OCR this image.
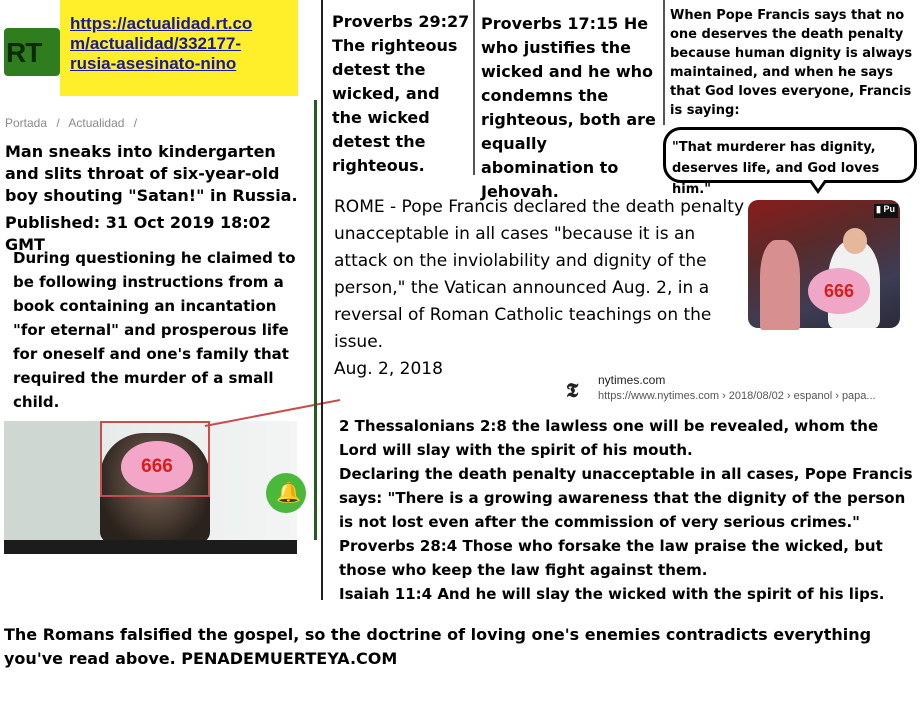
RT
https://actualidad.rt.co
m/actualidad/332177-
rusia-asesinato-nino
Portada / Actualidad /
Man sneaks into kindergarten and slits throat of six-year-old boy shouting "Satan!" in Russia.
Published: 31 Oct 2019 18:02 GMT
During questioning he claimed to be following instructions from a book containing an incantation "for eternal" and prosperous life for oneself and one's family that required the murder of a small child.
666
🔔
Proverbs 29:27 The righteous detest the wicked, and the wicked detest the righteous.
Proverbs 17:15 He who justifies the wicked and he who condemns the righteous, both are equally abomination to Jehovah.
When Pope Francis says that no one deserves the death penalty because human dignity is always maintained, and when he says that God loves everyone, Francis is saying:
"That murderer has dignity, deserves life, and God loves him."
ROME - Pope Francis declared the death penalty unacceptable in all cases "because it is an attack on the inviolability and dignity of the person," the Vatican announced Aug. 2, in a reversal of Roman Catholic teachings on the issue.
Aug. 2, 2018
▮ Pu
666
𝕿	nytimes.com
https://www.nytimes.com › 2018/08/02 › espanol › papa...
2 Thessalonians 2:8 the lawless one will be revealed, whom the Lord will slay with the spirit of his mouth.
Declaring the death penalty unacceptable in all cases, Pope Francis says: "There is a growing awareness that the dignity of the person is not lost even after the commission of very serious crimes."
Proverbs 28:4 Those who forsake the law praise the wicked, but those who keep the law fight against them.
Isaiah 11:4 And he will slay the wicked with the spirit of his lips.
The Romans falsified the gospel, so the doctrine of loving one's enemies contradicts everything you've read above. PENADEMUERTEYA.COM
